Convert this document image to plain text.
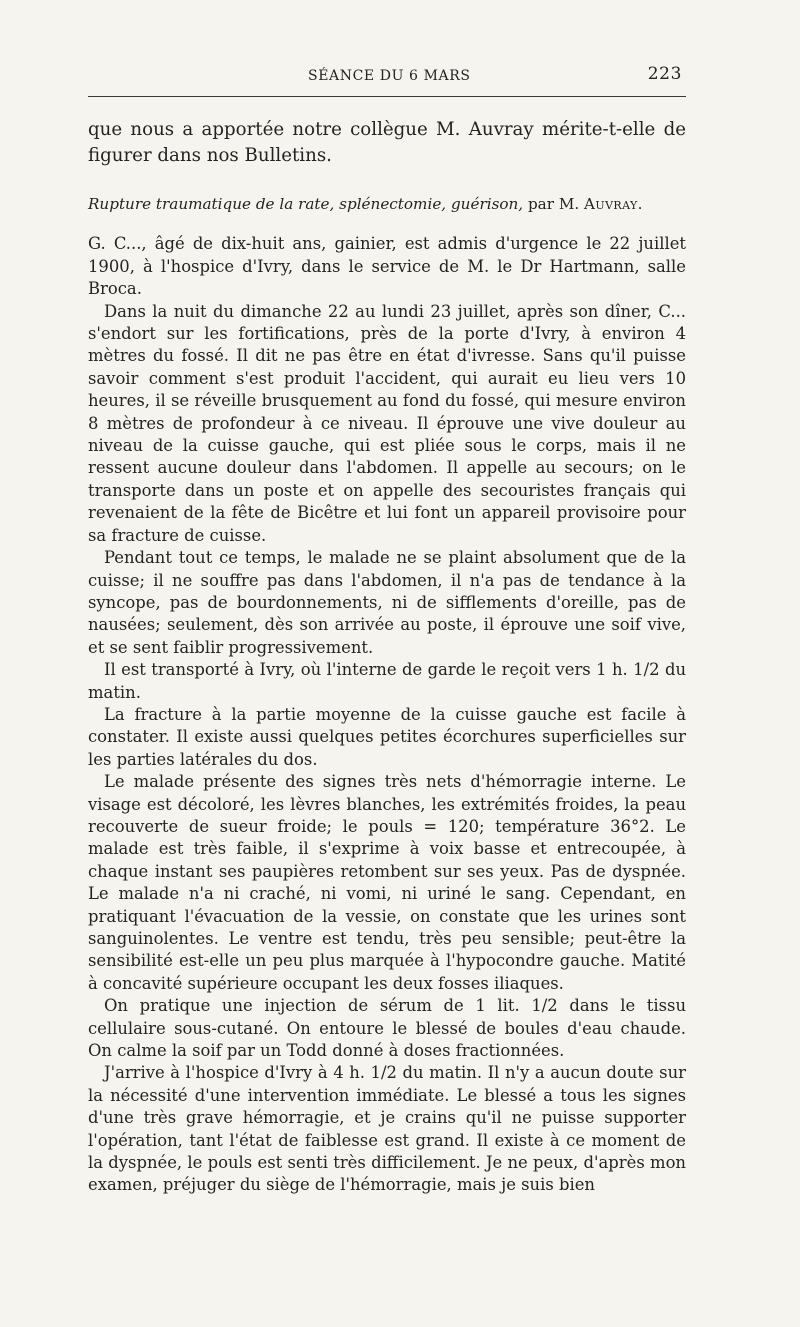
SÉANCE DU 6 MARS	223

que nous a apportée notre collègue M. Auvray mérite-t-elle de figurer dans nos Bulletins.

Rupture traumatique de la rate, splénectomie, guérison, par M. Auvray.

G. C..., âgé de dix-huit ans, gainier, est admis d'urgence le 22 juillet 1900, à l'hospice d'Ivry, dans le service de M. le Dr Hartmann, salle Broca.

Dans la nuit du dimanche 22 au lundi 23 juillet, après son dîner, C... s'endort sur les fortifications, près de la porte d'Ivry, à environ 4 mètres du fossé. Il dit ne pas être en état d'ivresse. Sans qu'il puisse savoir comment s'est produit l'accident, qui aurait eu lieu vers 10 heures, il se réveille brusquement au fond du fossé, qui mesure environ 8 mètres de profondeur à ce niveau. Il éprouve une vive douleur au niveau de la cuisse gauche, qui est pliée sous le corps, mais il ne ressent aucune douleur dans l'abdomen. Il appelle au secours; on le transporte dans un poste et on appelle des secouristes français qui revenaient de la fête de Bicêtre et lui font un appareil provisoire pour sa fracture de cuisse.

Pendant tout ce temps, le malade ne se plaint absolument que de la cuisse; il ne souffre pas dans l'abdomen, il n'a pas de tendance à la syncope, pas de bourdonnements, ni de sifflements d'oreille, pas de nausées; seulement, dès son arrivée au poste, il éprouve une soif vive, et se sent faiblir progressivement.

Il est transporté à Ivry, où l'interne de garde le reçoit vers 1 h. 1/2 du matin.

La fracture à la partie moyenne de la cuisse gauche est facile à constater. Il existe aussi quelques petites écorchures superficielles sur les parties latérales du dos.

Le malade présente des signes très nets d'hémorragie interne. Le visage est décoloré, les lèvres blanches, les extrémités froides, la peau recouverte de sueur froide; le pouls = 120; température 36°2. Le malade est très faible, il s'exprime à voix basse et entrecoupée, à chaque instant ses paupières retombent sur ses yeux. Pas de dyspnée. Le malade n'a ni craché, ni vomi, ni uriné le sang. Cependant, en pratiquant l'évacuation de la vessie, on constate que les urines sont sanguinolentes. Le ventre est tendu, très peu sensible; peut-être la sensibilité est-elle un peu plus marquée à l'hypocondre gauche. Matité à concavité supérieure occupant les deux fosses iliaques.

On pratique une injection de sérum de 1 lit. 1/2 dans le tissu cellulaire sous-cutané. On entoure le blessé de boules d'eau chaude. On calme la soif par un Todd donné à doses fractionnées.

J'arrive à l'hospice d'Ivry à 4 h. 1/2 du matin. Il n'y a aucun doute sur la nécessité d'une intervention immédiate. Le blessé a tous les signes d'une très grave hémorragie, et je crains qu'il ne puisse supporter l'opération, tant l'état de faiblesse est grand. Il existe à ce moment de la dyspnée, le pouls est senti très difficilement. Je ne peux, d'après mon examen, préjuger du siège de l'hémorragie, mais je suis bien
